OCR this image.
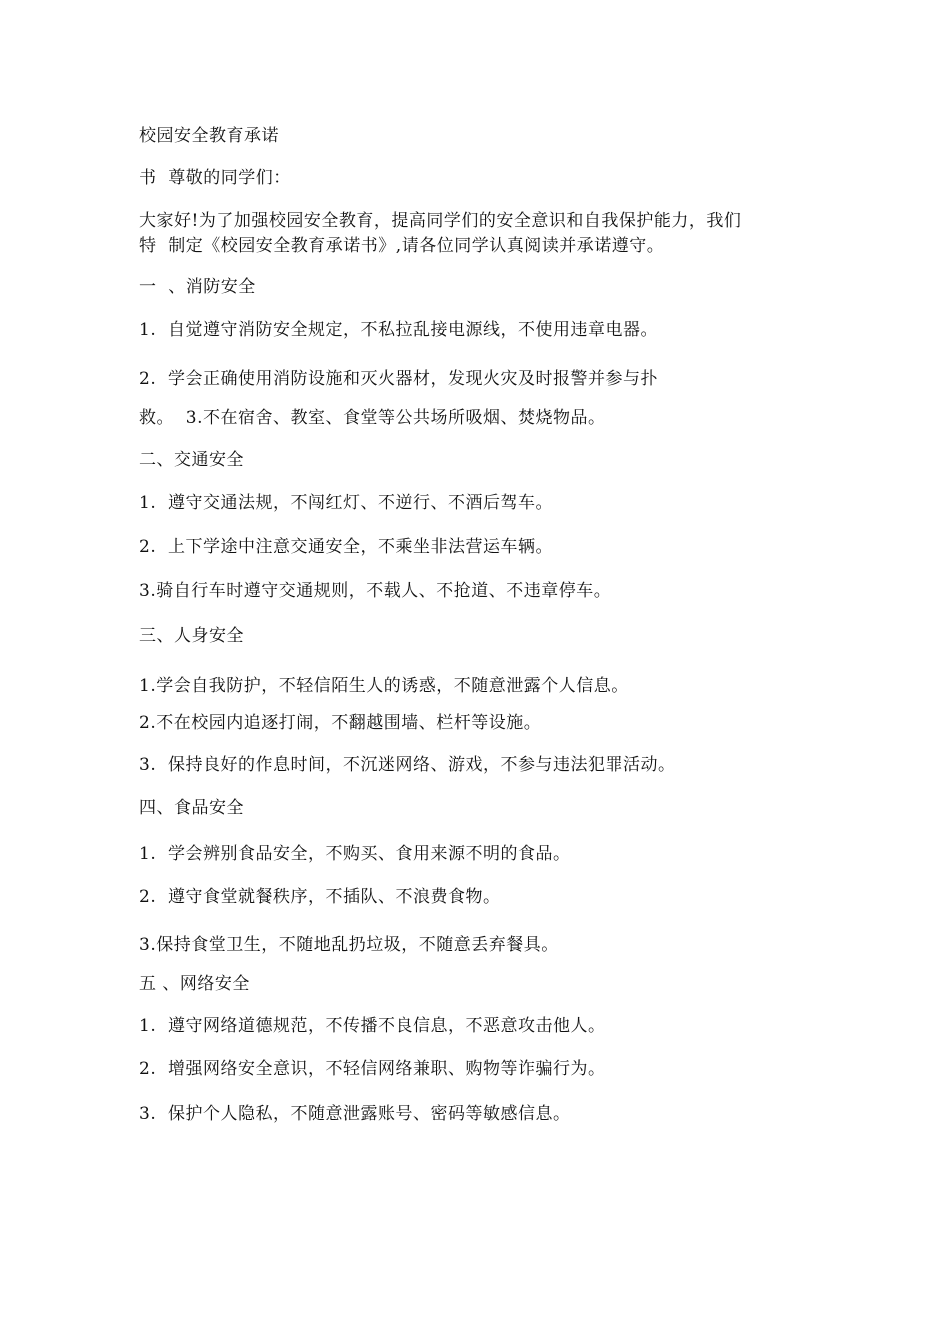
校园安全教育承诺
书  尊敬的同学们：
大家好!为了加强校园安全教育，提高同学们的安全意识和自我保护能力，我们
特  制定《校园安全教育承诺书》,请各位同学认真阅读并承诺遵守。
一  、消防安全
1.  自觉遵守消防安全规定，不私拉乱接电源线，不使用违章电器。
2.  学会正确使用消防设施和灭火器材，发现火灾及时报警并参与扑
救。  3.不在宿舍、教室、食堂等公共场所吸烟、焚烧物品。
二、交通安全
1.  遵守交通法规，不闯红灯、不逆行、不酒后驾车。
2.  上下学途中注意交通安全，不乘坐非法营运车辆。
3.骑自行车时遵守交通规则，不载人、不抢道、不违章停车。
三、人身安全
1.学会自我防护，不轻信陌生人的诱惑，不随意泄露个人信息。
2.不在校园内追逐打闹，不翻越围墙、栏杆等设施。
3.  保持良好的作息时间，不沉迷网络、游戏，不参与违法犯罪活动。
四、食品安全
1.  学会辨别食品安全，不购买、食用来源不明的食品。
2.  遵守食堂就餐秩序，不插队、不浪费食物。
3.保持食堂卫生，不随地乱扔垃圾，不随意丢弃餐具。
五 、网络安全
1.  遵守网络道德规范，不传播不良信息，不恶意攻击他人。
2.  增强网络安全意识，不轻信网络兼职、购物等诈骗行为。
3.  保护个人隐私，不随意泄露账号、密码等敏感信息。
